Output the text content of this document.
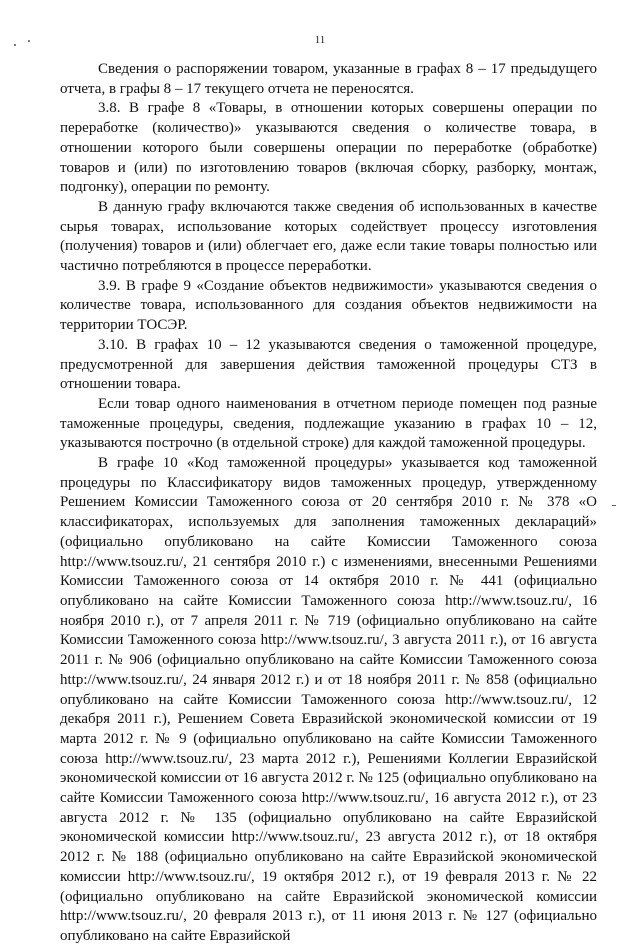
11

Сведения о распоряжении товаром, указанные в графах 8 – 17 предыдущего отчета, в графы 8 – 17 текущего отчета не переносятся.

3.8. В графе 8 «Товары, в отношении которых совершены операции по переработке (количество)» указываются сведения о количестве товара, в отношении которого были совершены операции по переработке (обработке) товаров и (или) по изготовлению товаров (включая сборку, разборку, монтаж, подгонку), операции по ремонту.

В данную графу включаются также сведения об использованных в качестве сырья товарах, использование которых содействует процессу изготовления (получения) товаров и (или) облегчает его, даже если такие товары полностью или частично потребляются в процессе переработки.

3.9. В графе 9 «Создание объектов недвижимости» указываются сведения о количестве товара, использованного для создания объектов недвижимости на территории ТОСЭР.

3.10. В графах 10 – 12 указываются сведения о таможенной процедуре, предусмотренной для завершения действия таможенной процедуры СТЗ в отношении товара.

Если товар одного наименования в отчетном периоде помещен под разные таможенные процедуры, сведения, подлежащие указанию в графах 10 – 12, указываются построчно (в отдельной строке) для каждой таможенной процедуры.

В графе 10 «Код таможенной процедуры» указывается код таможенной процедуры по Классификатору видов таможенных процедур, утвержденному Решением Комиссии Таможенного союза от 20 сентября 2010 г. № 378 «О классификаторах, используемых для заполнения таможенных деклараций» (официально опубликовано на сайте Комиссии Таможенного союза http://www.tsouz.ru/, 21 сентября 2010 г.) с изменениями, внесенными Решениями Комиссии Таможенного союза от 14 октября 2010 г. № 441 (официально опубликовано на сайте Комиссии Таможенного союза http://www.tsouz.ru/, 16 ноября 2010 г.), от 7 апреля 2011 г. № 719 (официально опубликовано на сайте Комиссии Таможенного союза http://www.tsouz.ru/, 3 августа 2011 г.), от 16 августа 2011 г. № 906 (официально опубликовано на сайте Комиссии Таможенного союза http://www.tsouz.ru/, 24 января 2012 г.) и от 18 ноября 2011 г. № 858 (официально опубликовано на сайте Комиссии Таможенного союза http://www.tsouz.ru/, 12 декабря 2011 г.), Решением Совета Евразийской экономической комиссии от 19 марта 2012 г. № 9 (официально опубликовано на сайте Комиссии Таможенного союза http://www.tsouz.ru/, 23 марта 2012 г.), Решениями Коллегии Евразийской экономической комиссии от 16 августа 2012 г. № 125 (официально опубликовано на сайте Комиссии Таможенного союза http://www.tsouz.ru/, 16 августа 2012 г.), от 23 августа 2012 г. № 135 (официально опубликовано на сайте Евразийской экономической комиссии http://www.tsouz.ru/, 23 августа 2012 г.), от 18 октября 2012 г. № 188 (официально опубликовано на сайте Евразийской экономической комиссии http://www.tsouz.ru/, 19 октября 2012 г.), от 19 февраля 2013 г. № 22 (официально опубликовано на сайте Евразийской экономической комиссии http://www.tsouz.ru/, 20 февраля 2013 г.), от 11 июня 2013 г. № 127 (официально опубликовано на сайте Евразийской
